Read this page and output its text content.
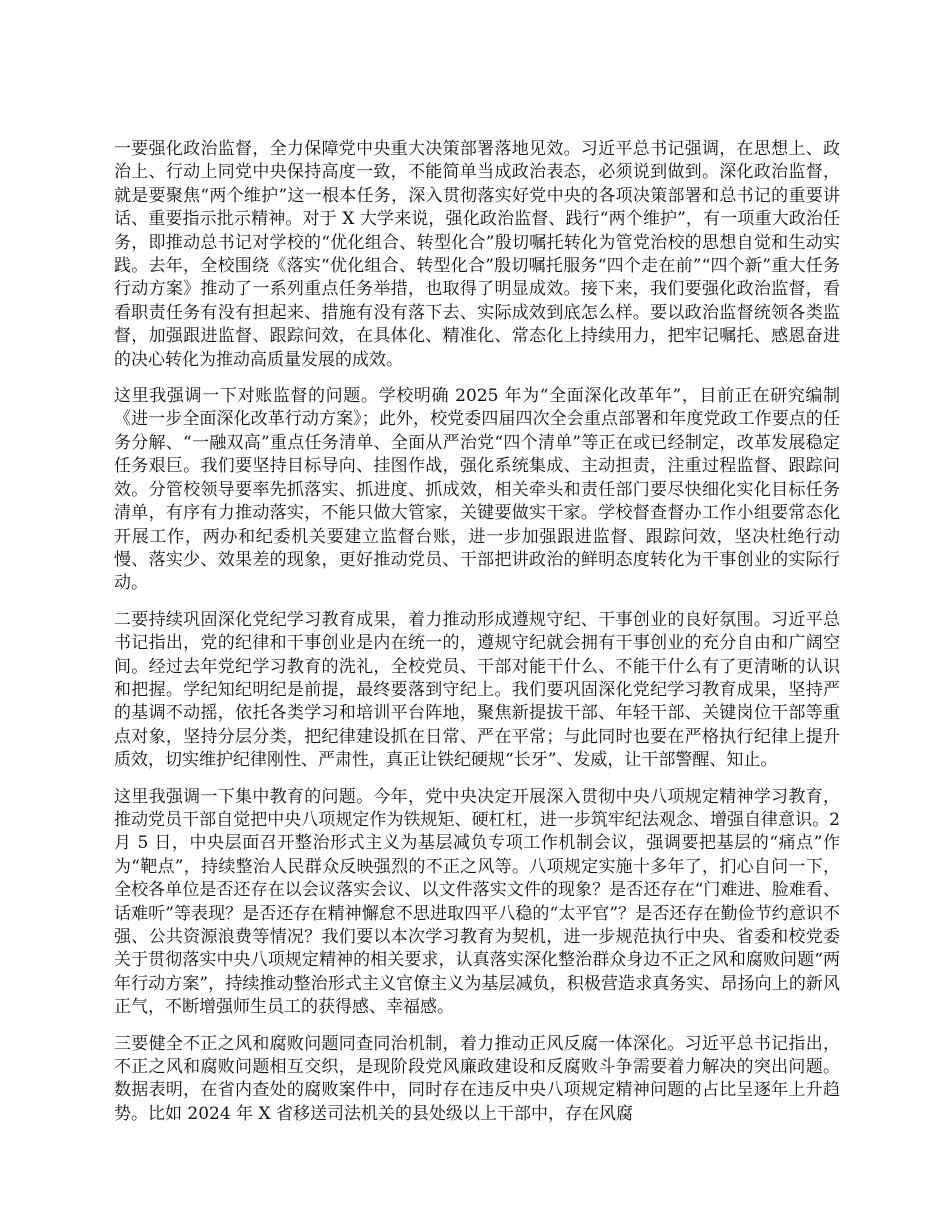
一要强化政治监督，全力保障党中央重大决策部署落地见效。习近平总书记强调，在思想上、政治上、行动上同党中央保持高度一致，不能简单当成政治表态，必须说到做到。深化政治监督，就是要聚焦“两个维护”这一根本任务，深入贯彻落实好党中央的各项决策部署和总书记的重要讲话、重要指示批示精神。对于 X 大学来说，强化政治监督、践行“两个维护”，有一项重大政治任务，即推动总书记对学校的“优化组合、转型化合”殷切嘱托转化为管党治校的思想自觉和生动实践。去年，全校围绕《落实“优化组合、转型化合”殷切嘱托服务“四个走在前”“四个新”重大任务行动方案》推动了一系列重点任务举措，也取得了明显成效。接下来，我们要强化政治监督，看看职责任务有没有担起来、措施有没有落下去、实际成效到底怎么样。要以政治监督统领各类监督，加强跟进监督、跟踪问效，在具体化、精准化、常态化上持续用力，把牢记嘱托、感恩奋进的决心转化为推动高质量发展的成效。

这里我强调一下对账监督的问题。学校明确 2025 年为“全面深化改革年”，目前正在研究编制《进一步全面深化改革行动方案》；此外，校党委四届四次全会重点部署和年度党政工作要点的任务分解、“一融双高”重点任务清单、全面从严治党“四个清单”等正在或已经制定，改革发展稳定任务艰巨。我们要坚持目标导向、挂图作战，强化系统集成、主动担责，注重过程监督、跟踪问效。分管校领导要率先抓落实、抓进度、抓成效，相关牵头和责任部门要尽快细化实化目标任务清单，有序有力推动落实，不能只做大管家，关键要做实干家。学校督查督办工作小组要常态化开展工作，两办和纪委机关要建立监督台账，进一步加强跟进监督、跟踪问效，坚决杜绝行动慢、落实少、效果差的现象，更好推动党员、干部把讲政治的鲜明态度转化为干事创业的实际行动。

二要持续巩固深化党纪学习教育成果，着力推动形成遵规守纪、干事创业的良好氛围。习近平总书记指出，党的纪律和干事创业是内在统一的，遵规守纪就会拥有干事创业的充分自由和广阔空间。经过去年党纪学习教育的洗礼，全校党员、干部对能干什么、不能干什么有了更清晰的认识和把握。学纪知纪明纪是前提，最终要落到守纪上。我们要巩固深化党纪学习教育成果，坚持严的基调不动摇，依托各类学习和培训平台阵地，聚焦新提拔干部、年轻干部、关键岗位干部等重点对象，坚持分层分类，把纪律建设抓在日常、严在平常；与此同时也要在严格执行纪律上提升质效，切实维护纪律刚性、严肃性，真正让铁纪硬规“长牙”、发威，让干部警醒、知止。

这里我强调一下集中教育的问题。今年，党中央决定开展深入贯彻中央八项规定精神学习教育，推动党员干部自觉把中央八项规定作为铁规矩、硬杠杠，进一步筑牢纪法观念、增强自律意识。2 月 5 日，中央层面召开整治形式主义为基层减负专项工作机制会议，强调要把基层的“痛点”作为“靶点”，持续整治人民群众反映强烈的不正之风等。八项规定实施十多年了，扪心自问一下，全校各单位是否还存在以会议落实会议、以文件落实文件的现象？是否还存在“门难进、脸难看、话难听”等表现？是否还存在精神懈怠不思进取四平八稳的“太平官”？是否还存在勤俭节约意识不强、公共资源浪费等情况？我们要以本次学习教育为契机，进一步规范执行中央、省委和校党委关于贯彻落实中央八项规定精神的相关要求，认真落实深化整治群众身边不正之风和腐败问题“两年行动方案”，持续推动整治形式主义官僚主义为基层减负，积极营造求真务实、昂扬向上的新风正气，不断增强师生员工的获得感、幸福感。

三要健全不正之风和腐败问题同查同治机制，着力推动正风反腐一体深化。习近平总书记指出，不正之风和腐败问题相互交织，是现阶段党风廉政建设和反腐败斗争需要着力解决的突出问题。数据表明，在省内查处的腐败案件中，同时存在违反中央八项规定精神问题的占比呈逐年上升趋势。比如 2024 年 X 省移送司法机关的县处级以上干部中，存在风腐
